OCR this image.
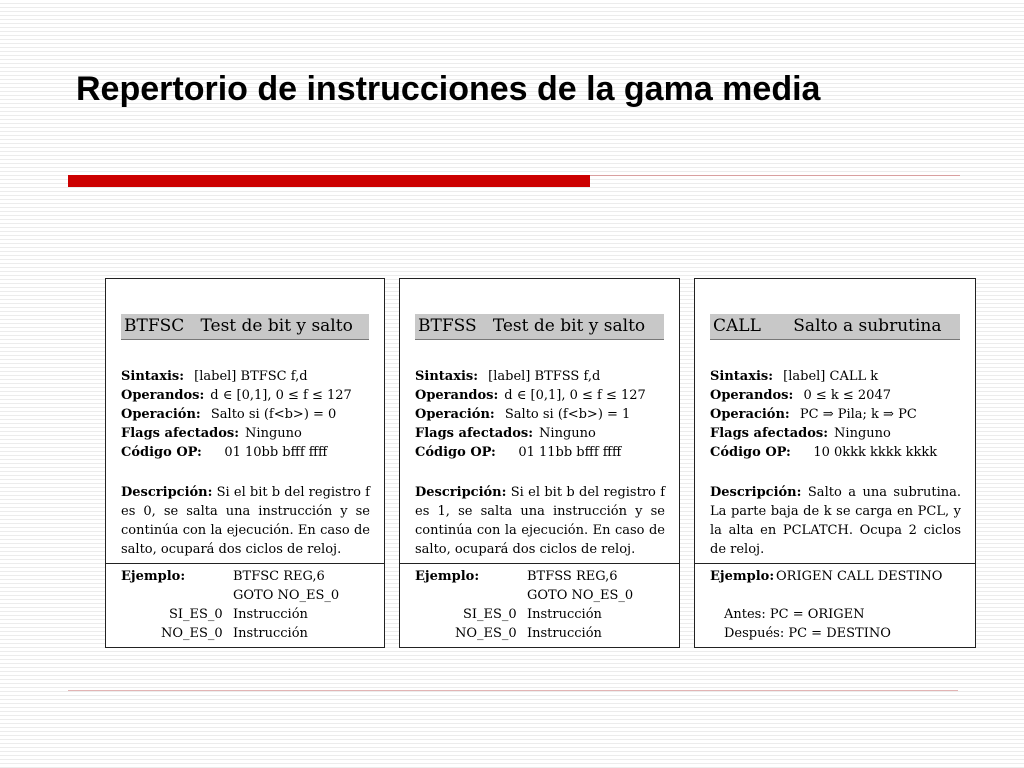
Repertorio de instrucciones de la gama media
BTFSC   Test de bit y salto
Sintaxis: [label] BTFSC f,d
Operandos: d ∈ [0,1], 0 ≤ f ≤ 127
Operación: Salto si (f<b>) = 0
Flags afectados: Ninguno
Código OP: 01 10bb bfff ffff
Descripción: Si el bit b del registro f es 0, se salta una instrucción y se continúa con la ejecución. En caso de salto, ocupará dos ciclos de reloj.
Ejemplo:	BTFSC REG,6
GOTO NO_ES_0
SI_ES_0 Instrucción
NO_ES_0 Instrucción
BTFSS   Test de bit y salto
Sintaxis: [label] BTFSS f,d
Operandos: d ∈ [0,1], 0 ≤ f ≤ 127
Operación: Salto si (f<b>) = 1
Flags afectados: Ninguno
Código OP: 01 11bb bfff ffff
Descripción: Si el bit b del registro f es 1, se salta una instrucción y se continúa con la ejecución. En caso de salto, ocupará dos ciclos de reloj.
Ejemplo:	BTFSS REG,6
GOTO NO_ES_0
SI_ES_0 Instrucción
NO_ES_0 Instrucción
CALL      Salto a subrutina
Sintaxis: [label] CALL k
Operandos: 0 ≤ k ≤ 2047
Operación: PC ⇒ Pila; k ⇒ PC
Flags afectados: Ninguno
Código OP: 10 0kkk kkkk kkkk
Descripción: Salto a una subrutina. La parte baja de k se carga en PCL, y la alta en PCLATCH. Ocupa 2 ciclos de reloj.
Ejemplo: ORIGEN CALL DESTINO
Antes: PC = ORIGEN
Después: PC = DESTINO
